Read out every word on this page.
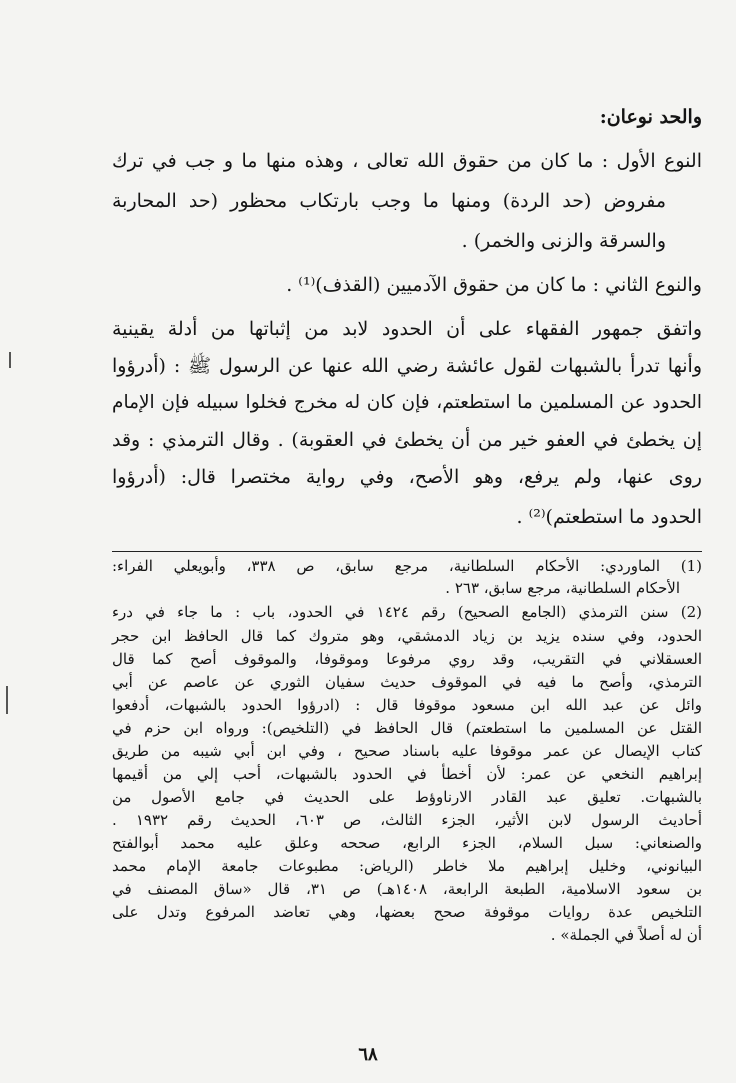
والحد نوعان:
النوع الأول : ما كان من حقوق الله تعالى ، وهذه منها ما و جب في ترك
مفروض (حد الردة) ومنها ما وجب بارتكاب محظور (حد المحاربة
والسرقة والزنى والخمر) .
والنوع الثاني : ما كان من حقوق الآدميين (القذف)⁽¹⁾ .
واتفق جمهور الفقهاء على أن الحدود لابد من إثباتها من أدلة يقينية
وأنها تدرأ بالشبهات لقول عائشة رضي الله عنها عن الرسول ﷺ : (أدرؤوا
الحدود عن المسلمين ما استطعتم، فإن كان له مخرج فخلوا سبيله فإن الإمام
إن يخطئ في العفو خير من أن يخطئ في العقوبة) . وقال الترمذي : وقد
روى عنها، ولم يرفع، وهو الأصح، وفي رواية مختصرا قال: (أدرؤوا
الحدود ما استطعتم)⁽²⁾ .
(1) الماوردي: الأحكام السلطانية، مرجع سابق، ص ٣٣٨، وأبويعلي الفراء:
الأحكام السلطانية، مرجع سابق، ٢٦٣ .
(2) سنن الترمذي (الجامع الصحيح) رقم ١٤٢٤ في الحدود، باب : ما جاء في درء
الحدود، وفي سنده يزيد بن زياد الدمشقي، وهو متروك كما قال الحافظ ابن حجر
العسقلاني في التقريب، وقد روي مرفوعا وموقوفا، والموقوف أصح كما قال
الترمذي، وأصح ما فيه في الموقوف حديث سفيان الثوري عن عاصم عن أبي
وائل عن عبد الله ابن مسعود موقوفا قال : (ادرؤوا الحدود بالشبهات، أدفعوا
القتل عن المسلمين ما استطعتم) قال الحافظ في (التلخيص): ورواه ابن حزم في
كتاب الإيصال عن عمر موقوفا عليه باسناد صحيح ، وفي ابن أبي شيبه من طريق
إبراهيم النخعي عن عمر: لأن أخطأ في الحدود بالشبهات، أحب إلي من أقيمها
بالشبهات. تعليق عبد القادر الارناوؤط على الحديث في جامع الأصول من
أحاديث الرسول لابن الأثير، الجزء الثالث، ص ٦٠٣، الحديث رقم ١٩٣٢ .
والصنعاني: سبل السلام، الجزء الرابع، صححه وعلق عليه محمد أبوالفتح
البيانوني، وخليل إبراهيم ملا خاطر (الرياض: مطبوعات جامعة الإمام محمد
بن سعود الاسلامية، الطبعة الرابعة، ١٤٠٨هـ) ص ٣١، قال «ساق المصنف في
التلخيص عدة روايات موقوفة صحح بعضها، وهي تعاضد المرفوع وتدل على
أن له أصلاً في الجملة» .
٦٨
